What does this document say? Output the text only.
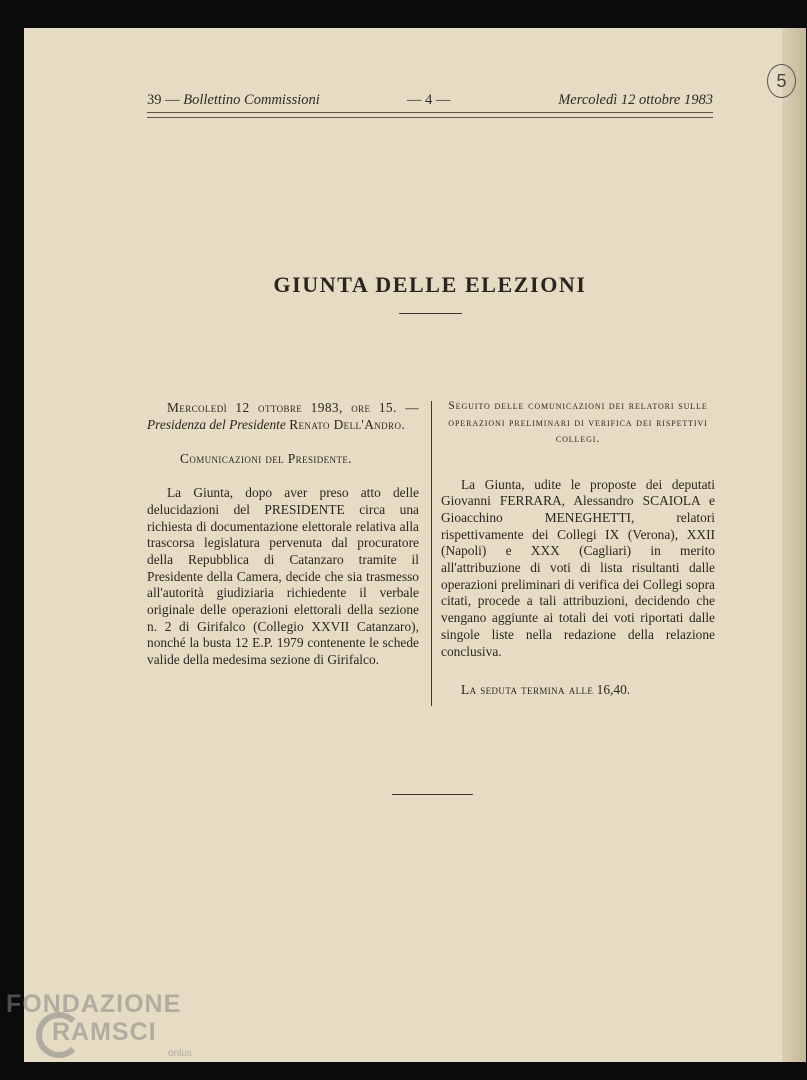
5
39 — Bollettino Commissioni	— 4 —	Mercoledì 12 ottobre 1983
GIUNTA DELLE ELEZIONI

Mercoledì 12 ottobre 1983, ore 15. — Presidenza del Presidente Renato Dell'Andro.

Comunicazioni del Presidente.

La Giunta, dopo aver preso atto delle delucidazioni del PRESIDENTE circa una richiesta di documentazione elettorale relativa alla trascorsa legislatura pervenuta dal procuratore della Repubblica di Catanzaro tramite il Presidente della Camera, decide che sia trasmesso all'autorità giudiziaria richiedente il verbale originale delle operazioni elettorali della sezione n. 2 di Girifalco (Collegio XXVII Catanzaro), nonché la busta 12 E.P. 1979 contenente le schede valide della medesima sezione di Girifalco.

Seguito delle comunicazioni dei relatori sulle operazioni preliminari di verifica dei rispettivi collegi.

La Giunta, udite le proposte dei deputati Giovanni FERRARA, Alessandro SCAIOLA e Gioacchino MENEGHETTI, relatori rispettivamente dei Collegi IX (Verona), XXII (Napoli) e XXX (Cagliari) in merito all'attribuzione di voti di lista risultanti dalle operazioni preliminari di verifica dei Collegi sopra citati, procede a tali attribuzioni, decidendo che vengano aggiunte ai totali dei voti riportati dalle singole liste nella redazione della relazione conclusiva.

La seduta termina alle 16,40.

FONDAZIONE
RAMSCI
onlus
